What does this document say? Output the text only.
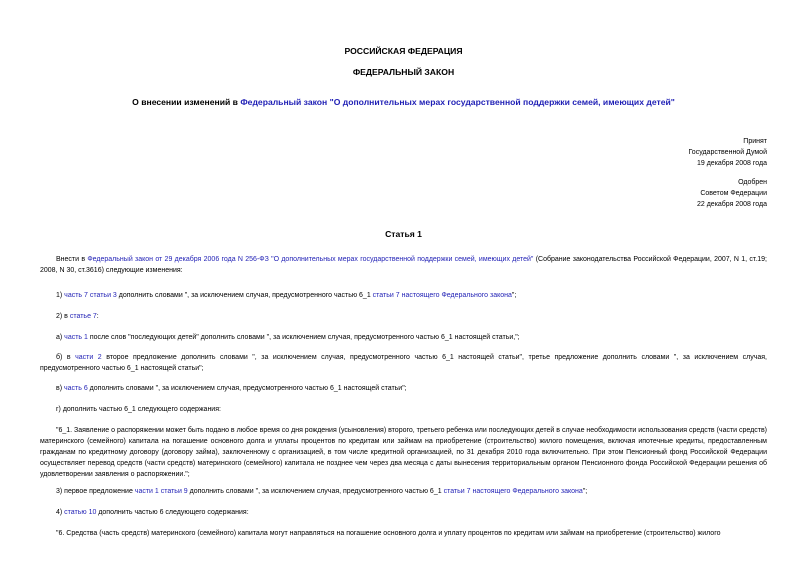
РОССИЙСКАЯ ФЕДЕРАЦИЯ
ФЕДЕРАЛЬНЫЙ ЗАКОН
О внесении изменений в Федеральный закон "О дополнительных мерах государственной поддержки семей, имеющих детей"
Принят
Государственной Думой
19 декабря 2008 года
Одобрен
Советом Федерации
22 декабря 2008 года
Статья 1

Внести в Федеральный закон от 29 декабря 2006 года N 256-ФЗ "О дополнительных мерах государственной поддержки семей, имеющих детей" (Собрание законодательства Российской Федерации, 2007, N 1, ст.19; 2008, N 30, ст.3616) следующие изменения:

1) часть 7 статьи 3 дополнить словами ", за исключением случая, предусмотренного частью 6_1 статьи 7 настоящего Федерального закона";

2) в статье 7:

а) часть 1 после слов "последующих детей" дополнить словами ", за исключением случая, предусмотренного частью 6_1 настоящей статьи,";

б) в части 2 второе предложение дополнить словами ", за исключением случая, предусмотренного частью 6_1 настоящей статьи", третье предложение дополнить словами ", за исключением случая, предусмотренного частью 6_1 настоящей статьи";

в) часть 6 дополнить словами ", за исключением случая, предусмотренного частью 6_1 настоящей статьи";

г) дополнить частью 6_1 следующего содержания:

"6_1. Заявление о распоряжении может быть подано в любое время со дня рождения (усыновления) второго, третьего ребенка или последующих детей в случае необходимости использования средств (части средств) материнского (семейного) капитала на погашение основного долга и уплаты процентов по кредитам или займам на приобретение (строительство) жилого помещения, включая ипотечные кредиты, предоставленным гражданам по кредитному договору (договору займа), заключенному с организацией, в том числе кредитной организацией, по 31 декабря 2010 года включительно. При этом Пенсионный фонд Российской Федерации осуществляет перевод средств (части средств) материнского (семейного) капитала не позднее чем через два месяца с даты вынесения территориальным органом Пенсионного фонда Российской Федерации решения об удовлетворении заявления о распоряжении.";

3) первое предложение части 1 статьи 9 дополнить словами ", за исключением случая, предусмотренного частью 6_1 статьи 7 настоящего Федерального закона";

4) статью 10 дополнить частью 6 следующего содержания:

"6. Средства (часть средств) материнского (семейного) капитала могут направляться на погашение основного долга и уплату процентов по кредитам или займам на приобретение (строительство) жилого
